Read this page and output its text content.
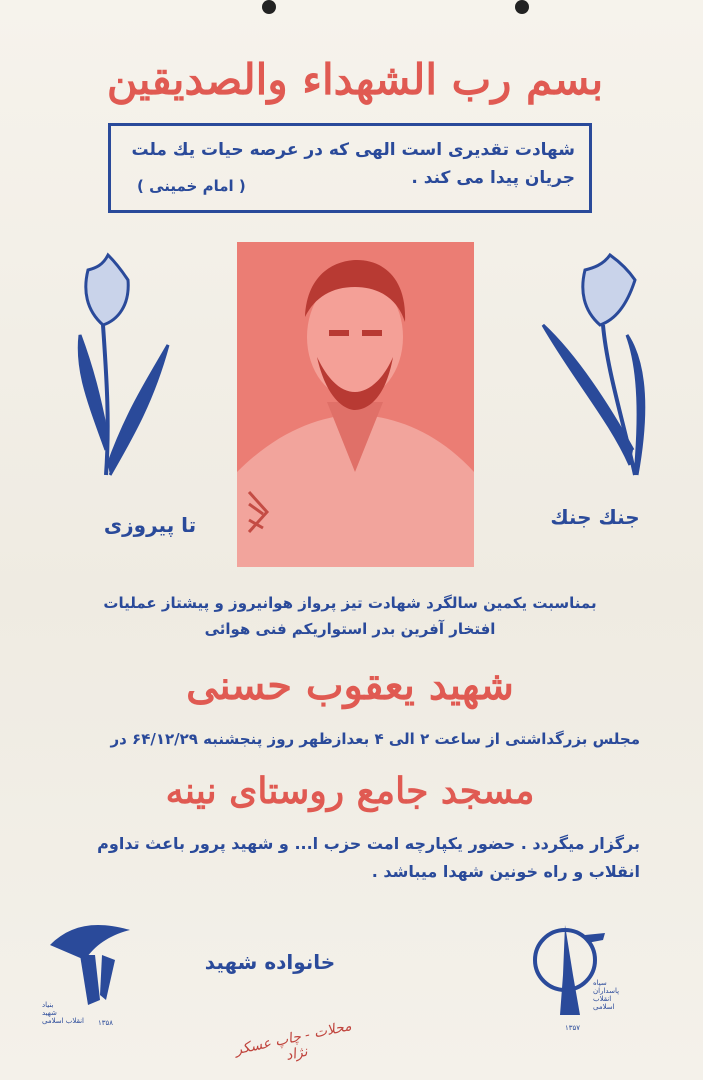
بسم رب الشهداء والصدیقین
شهادت تقدیری است الهی که در عرصه حیات یك ملت
جریان پیدا می کند .
( امام خمینی )
تا پیروزی	جنك جنك
بمناسبت یکمین سالگرد شهادت تیز پرواز هوانیروز و پیشتاز عملیات
افتخار آفرین بدر استواریکم فنی هوائی
شهید یعقوب حسنی
مجلس بزرگداشتی از ساعت ۲ الی ۴ بعدازظهر روز پنجشنبه ۶۴/۱۲/۲۹ در
مسجد جامع روستای نینه
برگزار میگردد . حضور یکپارچه امت حزب ا... و شهید پرور باعث تداوم
انقلاب و راه خونین شهدا میباشد .
خانواده شهید
محلات - چاپ عسکر نژاد
بنیاد
شهید
انقلاب اسلامی ۱۳۵۸
سپاه
پاسداران
انقلاب
اسلامی
۱۳۵۷
